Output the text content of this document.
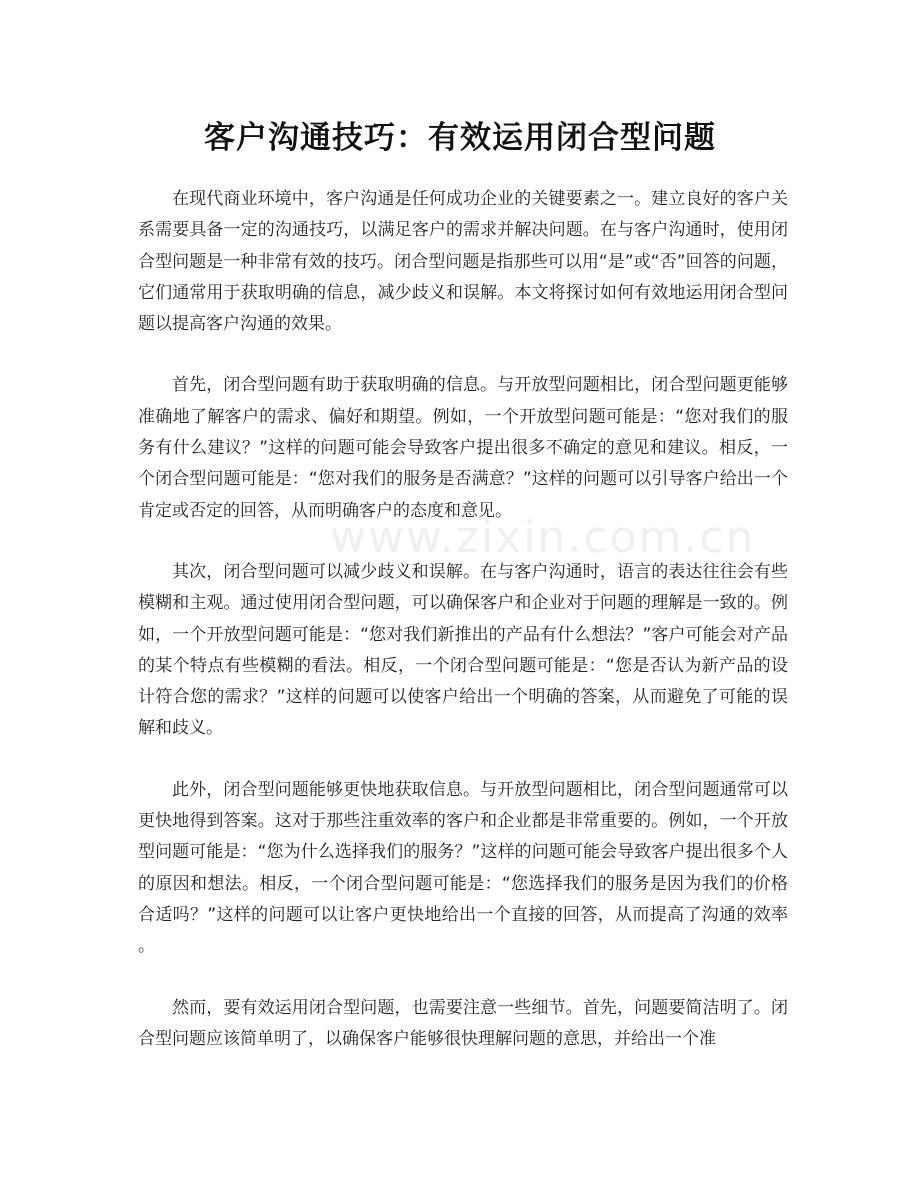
客户沟通技巧：有效运用闭合型问题
www.zixin.com.cn

在现代商业环境中，客户沟通是任何成功企业的关键要素之一。建立良好的客户关系需要具备一定的沟通技巧，以满足客户的需求并解决问题。在与客户沟通时，使用闭合型问题是一种非常有效的技巧。闭合型问题是指那些可以用“是”或“否”回答的问题，它们通常用于获取明确的信息，减少歧义和误解。本文将探讨如何有效地运用闭合型问题以提高客户沟通的效果。

首先，闭合型问题有助于获取明确的信息。与开放型问题相比，闭合型问题更能够准确地了解客户的需求、偏好和期望。例如，一个开放型问题可能是：“您对我们的服务有什么建议？”这样的问题可能会导致客户提出很多不确定的意见和建议。相反，一个闭合型问题可能是：“您对我们的服务是否满意？”这样的问题可以引导客户给出一个肯定或否定的回答，从而明确客户的态度和意见。

其次，闭合型问题可以减少歧义和误解。在与客户沟通时，语言的表达往往会有些模糊和主观。通过使用闭合型问题，可以确保客户和企业对于问题的理解是一致的。例如，一个开放型问题可能是：“您对我们新推出的产品有什么想法？”客户可能会对产品的某个特点有些模糊的看法。相反，一个闭合型问题可能是：“您是否认为新产品的设计符合您的需求？”这样的问题可以使客户给出一个明确的答案，从而避免了可能的误解和歧义。

此外，闭合型问题能够更快地获取信息。与开放型问题相比，闭合型问题通常可以更快地得到答案。这对于那些注重效率的客户和企业都是非常重要的。例如，一个开放型问题可能是：“您为什么选择我们的服务？”这样的问题可能会导致客户提出很多个人的原因和想法。相反，一个闭合型问题可能是：“您选择我们的服务是因为我们的价格合适吗？”这样的问题可以让客户更快地给出一个直接的回答，从而提高了沟通的效率。

然而，要有效运用闭合型问题，也需要注意一些细节。首先，问题要简洁明了。闭合型问题应该简单明了，以确保客户能够很快理解问题的意思，并给出一个准
